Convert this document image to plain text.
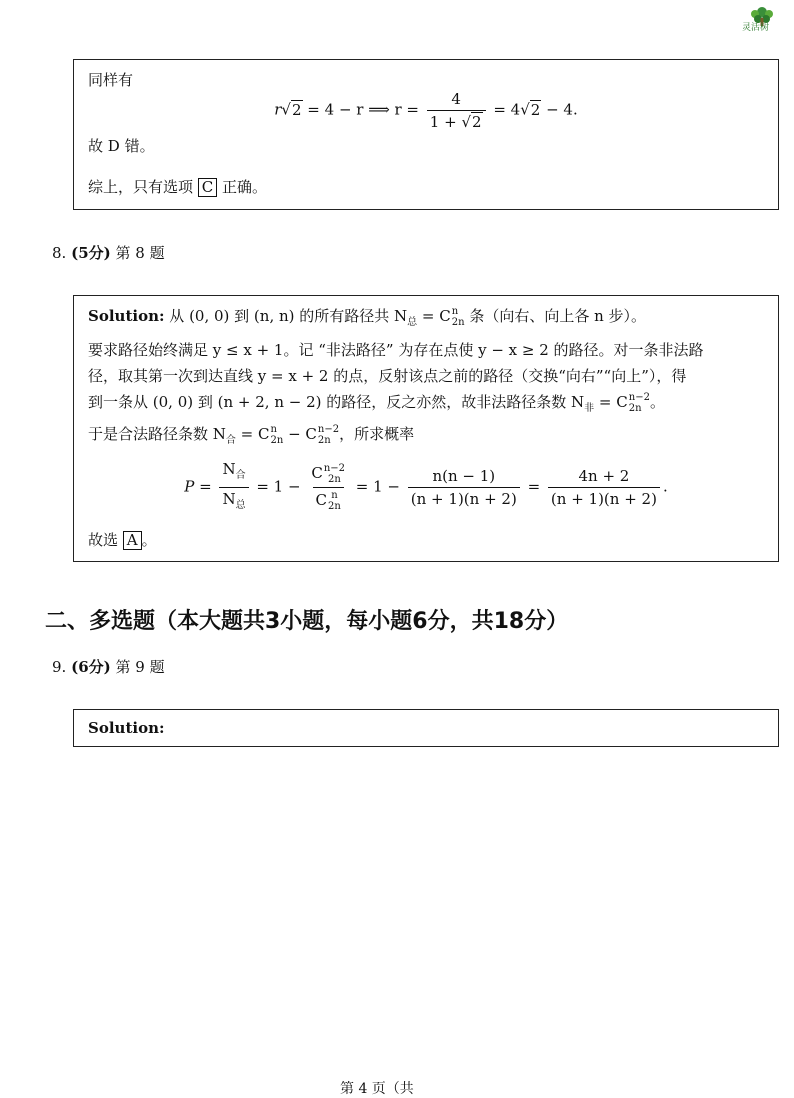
灵活树
同样有
r√2 = 4 − r ⟹ $r = \frac{4}{1 + √2} = 4√2 - 4$.
故 D 错。
综上，只有选项 C 正确。
8. (5分) 第 8 题
Solution: 从 (0, 0) 到 (n, n) 的所有路径共 $N_总 = C$ n
2n 条（向右、向上各 n 步）。
要求路径始终满足 y ≤ x + 1。记 “非法路径” 为存在点使 y − x ≥ 2 的路径。对一条非法路
径，取其第一次到达直线 y = x + 2 的点，反射该点之前的路径（交换“向右”“向上”），得
到一条从 (0, 0) 到 (n + 2, n − 2) 的路径，反之亦然，故非法路径条数 $N_非 = C$ n−2
2n 。
于是合法路径条数 $N_合 = C$ n
2n − C n−2
2n ，所求概率
$P = \frac{N_合}{N_总} = 1 - C$ n−2
2n
C n
$2n = 1 - \frac{n(n - 1)}{(n + 1)(n + 2)} = \frac{4n + 2}{(n + 1)(n + 2)}$ .
故选 A 。
二、多选题（本大题共3小题，每小题6分，共18分）
9. (6分) 第 9 题
Solution:
第 4 页（共
